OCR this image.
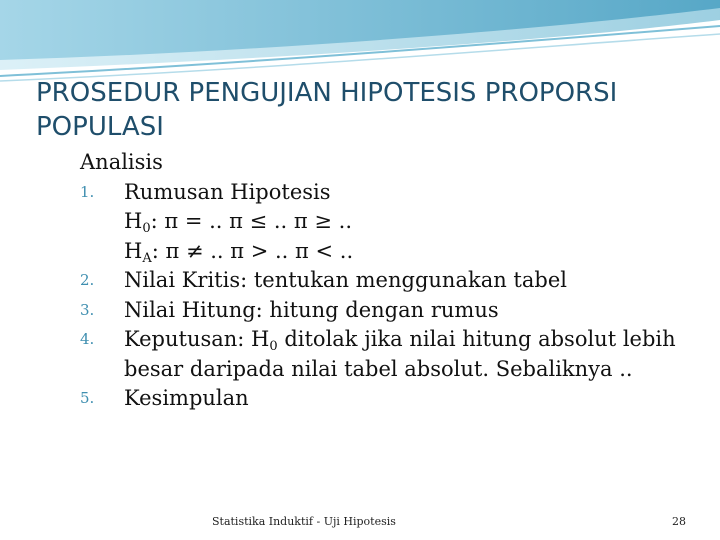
PROSEDUR PENGUJIAN HIPOTESIS PROPORSI POPULASI
Analisis
1.	Rumusan Hipotesis
$H_0$: π = .. π ≤ .. π ≥ ..
$H_A$: π ≠ .. π > .. π < ..
2.	Nilai Kritis: tentukan menggunakan tabel
3.	Nilai Hitung: hitung dengan rumus
4.	Keputusan: $H_0$ ditolak jika nilai hitung absolut lebih besar daripada nilai tabel absolut. Sebaliknya ..
5.	Kesimpulan
Statistika Induktif - Uji Hipotesis	28
